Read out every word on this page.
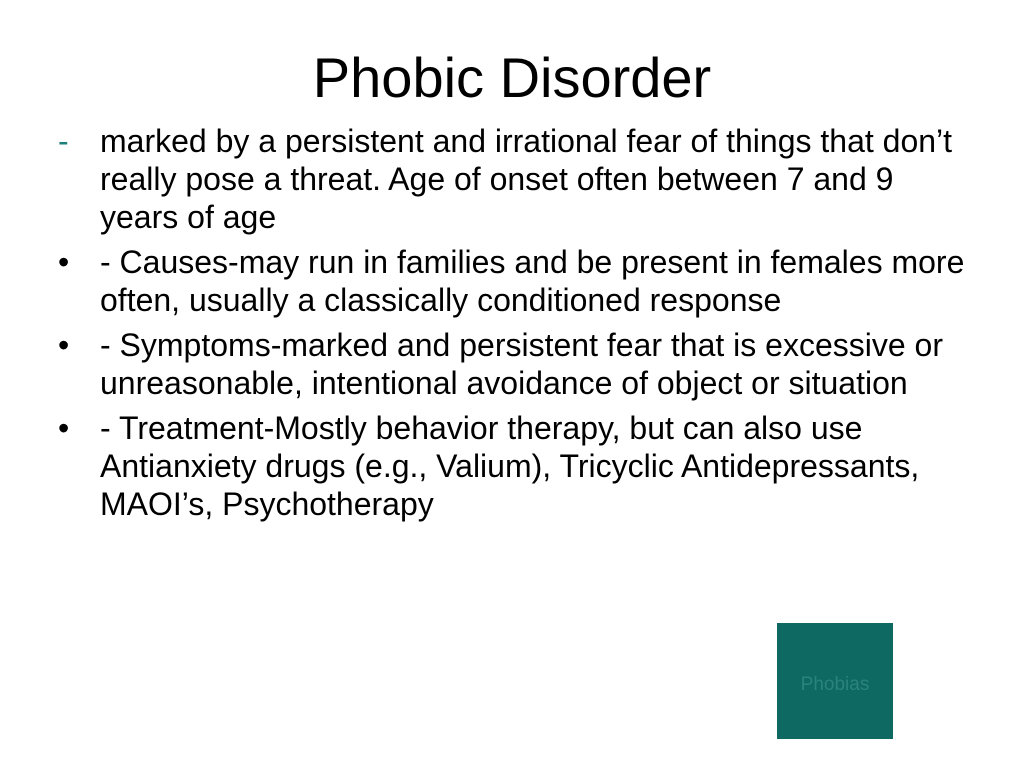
Phobic Disorder
- marked by a persistent and irrational fear of things that don’t really pose a threat. Age of onset often between 7 and 9 years of age
• - Causes-may run in families and be present in females more often, usually a classically conditioned response
• - Symptoms-marked and persistent fear that is excessive or unreasonable, intentional avoidance of object or situation
• - Treatment-Mostly behavior therapy, but can also use Antianxiety drugs (e.g., Valium), Tricyclic Antidepressants, MAOI’s, Psychotherapy
Phobias
